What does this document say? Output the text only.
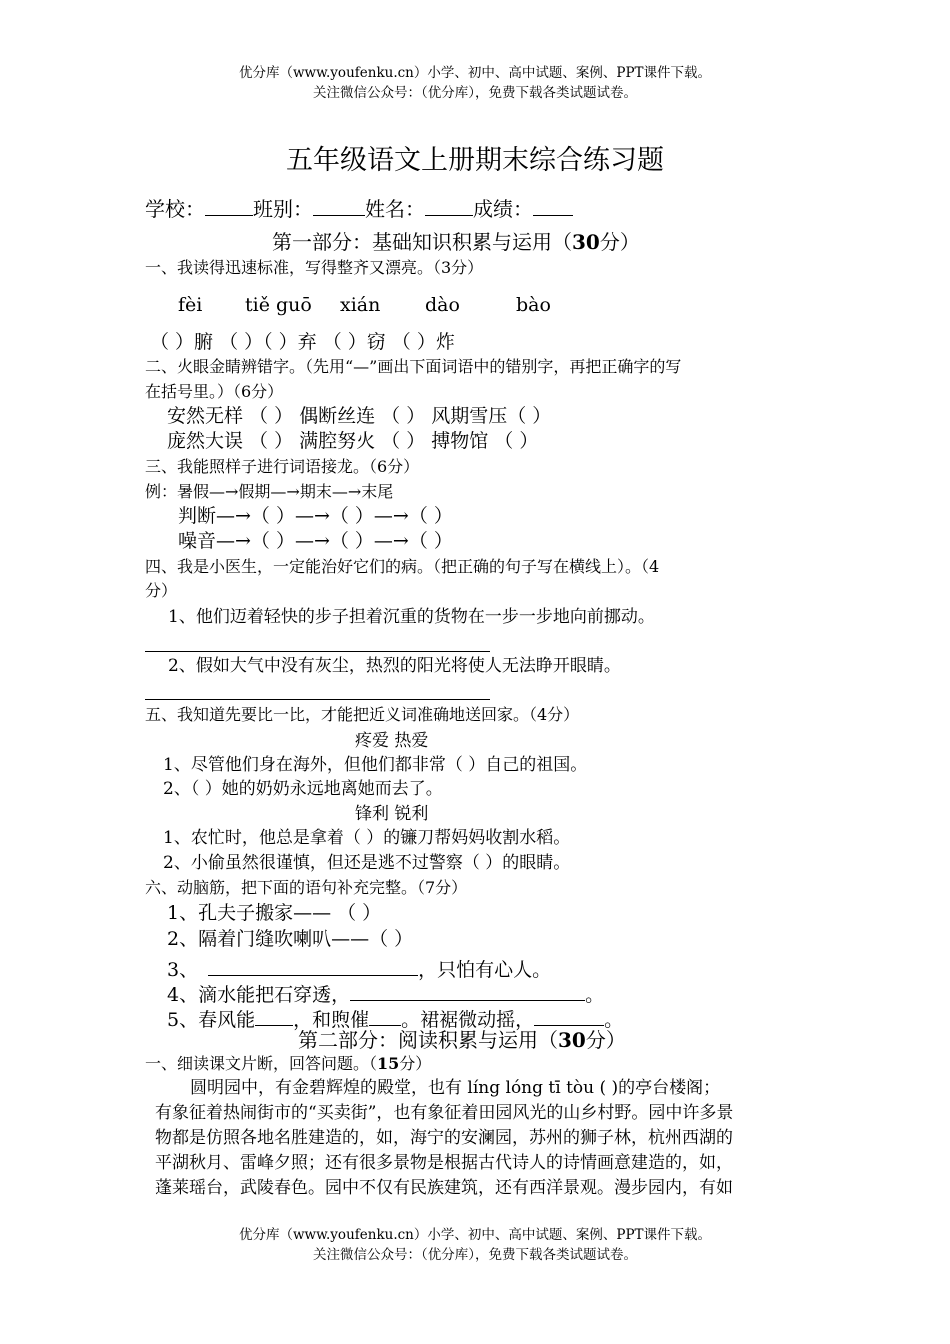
优分库（www.youfenku.cn）小学、初中、高中试题、案例、PPT课件下载。
关注微信公众号：（优分库），免费下载各类试题试卷。
五年级语文上册期末综合练习题
学校： 班别：	姓名： 成绩：
第一部分：基础知识积累与运用（30分）
一、我读得迅速标准，写得整齐又漂亮。（3分）
fèi tiě guō xián dào	bào
（ ）腑 （ ）（ ）弃 （ ）窃 （ ）炸
二、火眼金睛辨错字。（先用“—”画出下面词语中的错别字，再把正确字的写
在括号里。）（6分）
安然无样 （ ） 偶断丝连 （ ） 风期雪压（ ）
庞然大误 （ ） 满腔努火 （ ） 搏物馆 （ ）
三、我能照样子进行词语接龙。（6分）
例：暑假—→假期—→期末—→末尾
判断—→（ ）—→（ ）—→（ ）
噪音—→（ ）—→（ ）—→（ ）
四、我是小医生，一定能治好它们的病。（把正确的句子写在横线上）。（4
分）
1、他们迈着轻快的步子担着沉重的货物在一步一步地向前挪动。
2、假如大气中没有灰尘，热烈的阳光将使人无法睁开眼睛。
五、我知道先要比一比，才能把近义词准确地送回家。（4分）
疼爱 热爱
1、尽管他们身在海外，但他们都非常（ ）自己的祖国。
2、（ ）她的奶奶永远地离她而去了。
锋利 锐利
1、农忙时，他总是拿着（ ）的镰刀帮妈妈收割水稻。
2、小偷虽然很谨慎，但还是逃不过警察（ ）的眼睛。
六、动脑筋，把下面的语句补充完整。（7分）
1、孔夫子搬家—— （ ）
2、隔着门缝吹喇叭——（ ）
3、	，只怕有心人。
4、滴水能把石穿透，	。
5、春风能 ，和煦催 。裙裾微动摇，	。
第二部分：阅读积累与运用（30分）
一、细读课文片断，回答问题。（15分）
圆明园中，有金碧辉煌的殿堂，也有 líng lóng tī tòu ( )的亭台楼阁；
有象征着热闹街市的“买卖街”，也有象征着田园风光的山乡村野。园中许多景
物都是仿照各地名胜建造的，如，海宁的安澜园，苏州的狮子林，杭州西湖的
平湖秋月、雷峰夕照；还有很多景物是根据古代诗人的诗情画意建造的，如，
蓬莱瑶台，武陵春色。园中不仅有民族建筑，还有西洋景观。漫步园内，有如
优分库（www.youfenku.cn）小学、初中、高中试题、案例、PPT课件下载。
关注微信公众号：（优分库），免费下载各类试题试卷。
